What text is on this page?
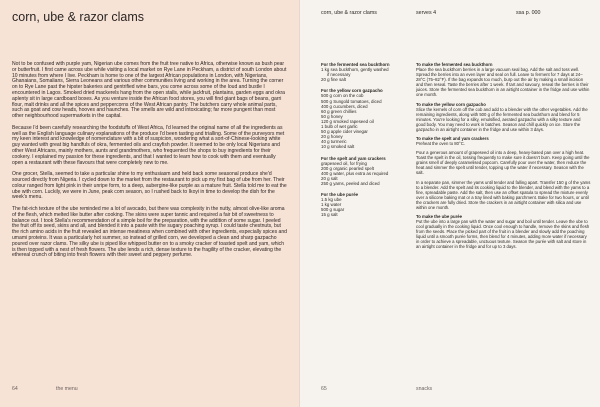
corn, ube & razor clams

Not to be confused with purple yam, Nigerian ube comes from the fruit tree native to Africa, otherwise known as bush pear or butterfruit. I first came across ube while visiting a local market on Rye Lane in Peckham, a district of south London about 10 minutes from where I live. Peckham is home to one of the largest African populations in London, with Nigerians, Ghanaians, Somalians, Sierra Leoneans and various other communities living and working in the area. Turning the corner on to Rye Lane past the hipster bakeries and gentrified wine bars, you come across some of the loud and bustle I encountered in Lagos. Smoked dried mackerels hang from the open stalls, while jackfruit, plantains, garden eggs and okra aplenty sit in large cardboard boxes. As you venture inside the African food stores, you will find giant bags of beans, garri flour, malt drinks and all the spices and peppercorns of the West African pantry. The butchers carry whole animal parts, such as goat and cow heads, hooves and haunches. The smells are wild and intoxicating; far more pungent than most other neighbourhood supermarkets in the capital.

Because I'd been carefully researching the foodstuffs of West Africa, I'd learned the original name of all the ingredients as well as the English language culinary explanations of the produce I'd been tasting and trialling. Some of the purveyors met my keen interest and knowledge of nomenclature with a bit of suspicion, wondering what a sort-of-Chinese-looking white guy wanted with great big handfuls of okra, fermented oils and crayfish powder. It seemed to be only local Nigerians and other West Africans, mainly mothers, aunts and grandmothers, who frequented the shops to buy ingredients for their cookery. I explained my passion for these ingredients, and that I wanted to learn how to cook with them and eventually open a restaurant with these flavours that were completely new to me.

One grocer, Stella, seemed to take a particular shine to my enthusiasm and held back some seasonal produce she'd sourced directly from Nigeria. I cycled down to the market from the restaurant to pick up my first bag of ube from her. Their colour ranged from light pink in their unripe form, to a deep, aubergine-like purple as a mature fruit. Stella told me to eat the ube with corn. Luckily, we were in June, peak corn season, so I rushed back to Ikoyi in time to develop the dish for the week's menu.

The fat-rich texture of the ube reminded me a lot of avocado, but there was complexity in the nutty, almost olive-like aroma of the flesh, which melted like butter after cooking. The skins were super tannic and required a fair bit of sweetness to balance out. I took Stella's recommendation of a simple boil for the preparation, with the addition of some sugar. I peeled the fruit off its seed, skins and all, and blended it into a paste with the sugary poaching syrup. I could taste chestnuts, but the rich amino acids in the fruit revealed an intense meatiness when combined with other ingredients, especially spices and umami proteins. It was a particularly hot summer, so instead of grilled corn, we developed a clean and sharp gazpacho poured over razor clams. The silky ube is piped like whipped butter on to a smoky cracker of toasted spelt and yam, which is then topped with a nest of fresh flowers. The ube lends a rich, dense texture to the fragility of the cracker, elevating the ethereal crunch of biting into fresh flowers with their sweet and peppery perfume.

64	the menu
corn, ube & razor clams	serves 4	ssa p. 000
65	snacks
For the fermented sea buckthorn
1 kg sea buckthorn, gently washed
if necessary
20 g fine salt
For the yellow corn gazpacho
500 g corn on the cob
500 g Sungold tomatoes, diced
400 g cucumbers, diced
60 g green chillies
50 g honey
120 g smoked rapeseed oil
1 bulb of wet garlic
50 g apple cider vinegar
20 g honey
40 g turmeric
10 g smoked salt
For the spelt and yam crackers
grapeseed oil, for frying
200 g organic pearled spelt
400 g water, plus extra as required
20 g salt
250 g yams, peeled and diced
For the ube purée
1.5 kg ube
1 kg water
500 g sugar
15 g salt
To make the fermented sea buckthorn

Place the sea buckthorn berries in a large vacuum seal bag. Add the salt and toss well. Spread the berries into an even layer and seal on full. Leave to ferment for 7 days at 24–28°C (75–82°F). If the bag expands too much, burp out the air by making a small incision and then reseal. Taste the berries after 1 week. If tart and savoury, reseal the berries in their juices. Store the fermented sea buckthorn in an airtight container in the fridge and use within one month.

To make the yellow corn gazpacho

Slice the kernels of corn off the cob and add to a blender with the other vegetables. Add the remaining ingredients, along with 500 g of the fermented sea buckthorn and blend for 5 minutes. You're looking for a silky, emulsified, aerated gazpacho with a silky texture and good body. You may need to work in batches. Season and chill quickly on ice. Store the gazpacho in an airtight container in the fridge and use within 3 days.

To make the spelt and yam crackers

Preheat the oven to 80°C.

Pour a generous amount of grapeseed oil into a deep, heavy-based pan over a high heat. Toast the spelt in the oil, tossing frequently to make sure it doesn't burn. Keep going until the grains smell of deeply caramelised popcorn. Carefully pour over the water, then reduce the heat and simmer the spelt until tender, topping up the water if necessary. Season with the salt.

In a separate pan, simmer the yams until tender and falling apart. Transfer 150 g of the yams to a blender. Add the spelt and its cooking liquid to the blender, and blend with the yams to a fine, spreadable paste. Add the salt, then use an offset spatula to spread the mixture evenly over a silicone baking mat or a tray lined with baking parchment. Bake for two hours, or until the crackers are fully dried. Store the crackers in an airtight container with silica and use within one month.

To make the ube purée

Put the ube into a large pan with the water and sugar and boil until tender. Leave the ube to cool gradually in the cooking liquid. Once cool enough to handle, remove the skins and flesh from the seeds. Place the picked part of the fruit in a blender and slowly add the poaching liquid until a smooth purée forms, then blend for 4 minutes, adding more water if necessary in order to achieve a spreadable, unctuous texture. Season the purée with salt and store in an airtight container in the fridge and for up to 3 days.
